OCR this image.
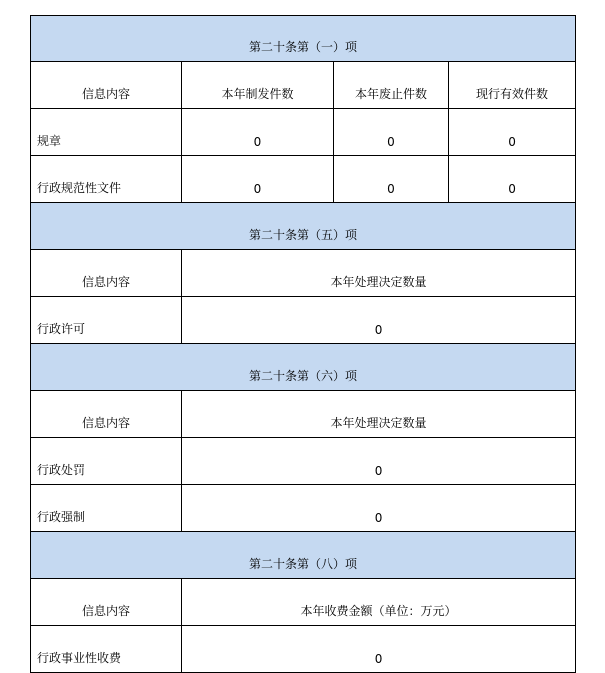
第二十条第（一）项			
信息内容	本年制发件数	本年废止件数	现行有效件数
规章	0	0	0
行政规范性文件	0	0	0
第二十条第（五）项			
信息内容	本年处理决定数量		
行政许可	0		
第二十条第（六）项			
信息内容	本年处理决定数量		
行政处罚	0		
行政强制	0		
第二十条第（八）项			
信息内容	本年收费金额（单位：万元）		
行政事业性收费	0		
